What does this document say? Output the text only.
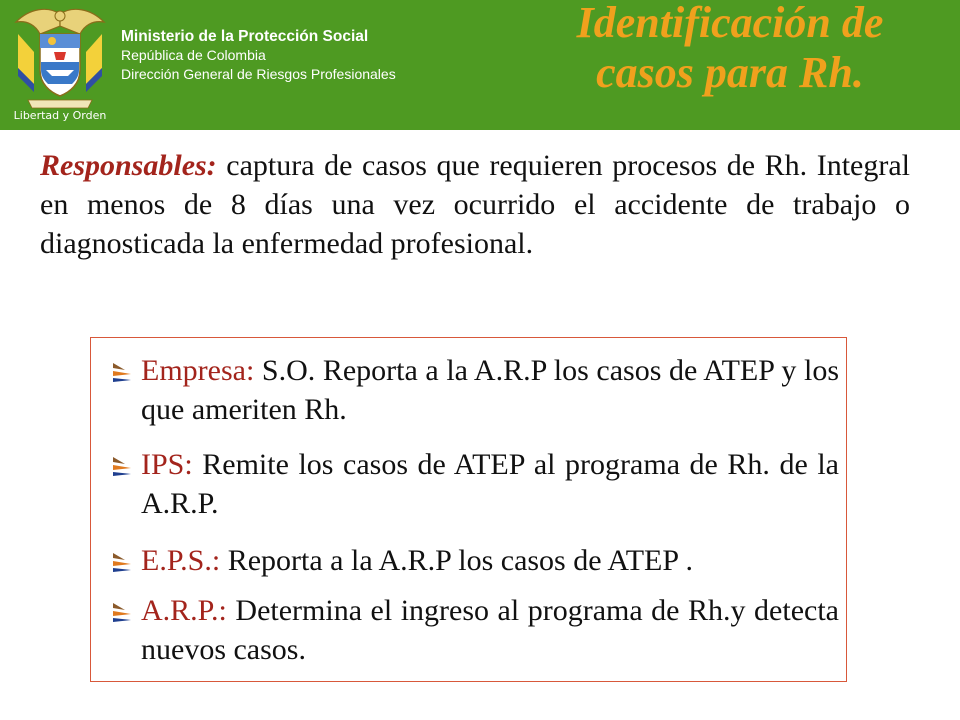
Libertad y Orden
Ministerio de la Protección Social
República de Colombia
Dirección General de Riesgos Profesionales
Identificación de
casos para Rh.

Responsables: captura de casos que requieren procesos de Rh. Integral en menos de 8 días una vez ocurrido el accidente de trabajo o diagnosticada la enfermedad profesional.

Empresa: S.O. Reporta a la A.R.P los casos de ATEP y los que ameriten Rh.
IPS: Remite los casos de ATEP al programa de Rh. de la A.R.P.
E.P.S.: Reporta a la A.R.P los casos de ATEP .
A.R.P.: Determina el ingreso al programa de Rh.y detecta nuevos casos.
